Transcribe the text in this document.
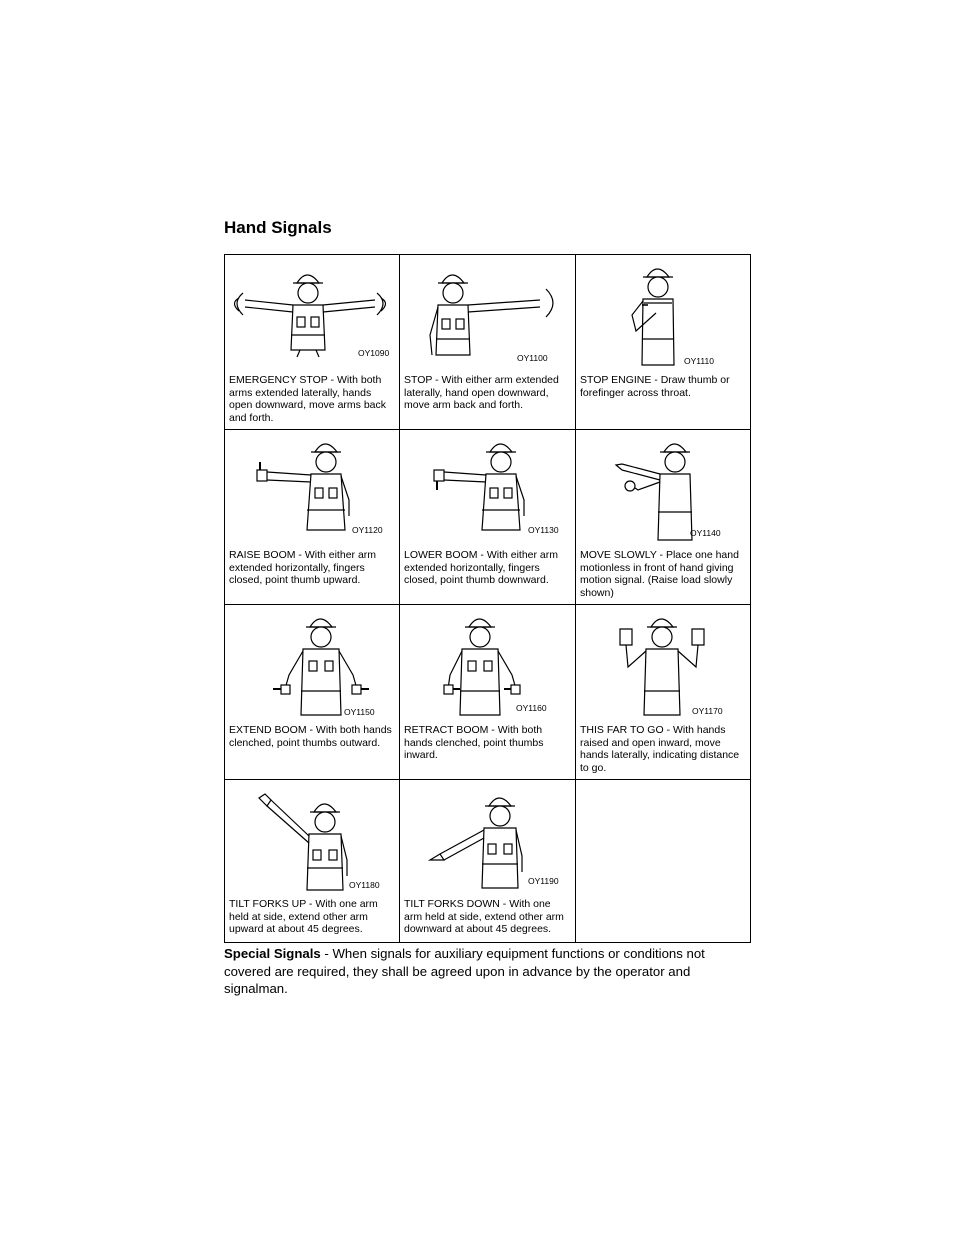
Hand Signals
OY1090
EMERGENCY STOP - With both arms extended laterally, hands open downward, move arms back and forth.
OY1100
STOP - With either arm extended laterally, hand open downward, move arm back and forth.
OY1110
STOP ENGINE - Draw thumb or forefinger across throat.
OY1120
RAISE BOOM - With either arm extended horizontally, fingers closed, point thumb upward.
OY1130
LOWER BOOM - With either arm extended horizontally, fingers closed, point thumb downward.
OY1140
MOVE SLOWLY - Place one hand motionless in front of hand giving motion signal. (Raise load slowly shown)
OY1150
EXTEND BOOM - With both hands clenched, point thumbs outward.
OY1160
RETRACT BOOM - With both hands clenched, point thumbs inward.
OY1170
THIS FAR TO GO - With hands raised and open inward, move hands laterally, indicating distance to go.
OY1180
TILT FORKS UP - With one arm held at side, extend other arm upward at about 45 degrees.
OY1190
TILT FORKS DOWN - With one arm held at side, extend other arm downward at about 45 degrees.
Special Signals - When signals for auxiliary equipment functions or conditions not covered are required, they shall be agreed upon in advance by the operator and signalman.
